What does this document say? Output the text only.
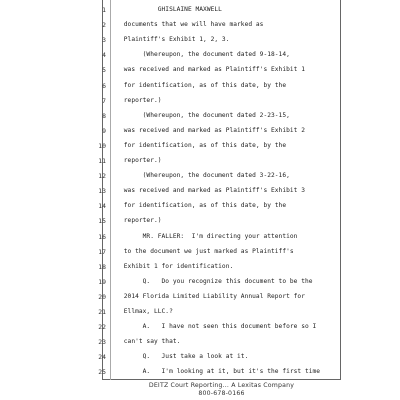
1 GHISLAINE MAXWELL
2 documents that we will have marked as
3 Plaintiff's Exhibit 1, 2, 3.
4 (Whereupon, the document dated 9-18-14,
5 was received and marked as Plaintiff's Exhibit 1
6 for identification, as of this date, by the
7 reporter.)
8 (Whereupon, the document dated 2-23-15,
9 was received and marked as Plaintiff's Exhibit 2
10 for identification, as of this date, by the
11 reporter.)
12 (Whereupon, the document dated 3-22-16,
13 was received and marked as Plaintiff's Exhibit 3
14 for identification, as of this date, by the
15 reporter.)
16 MR. FALLER:  I'm directing your attention
17 to the document we just marked as Plaintiff's
18 Exhibit 1 for identification.
19 Q.   Do you recognize this document to be the
20 2014 Florida Limited Liability Annual Report for
21 Ellmax, LLC.?
22 A.   I have not seen this document before so I
23 can't say that.
24 Q.   Just take a look at it.
25 A.   I'm looking at it, but it's the first time
DEITZ Court Reporting... A Lexitas Company
800-678-0166
